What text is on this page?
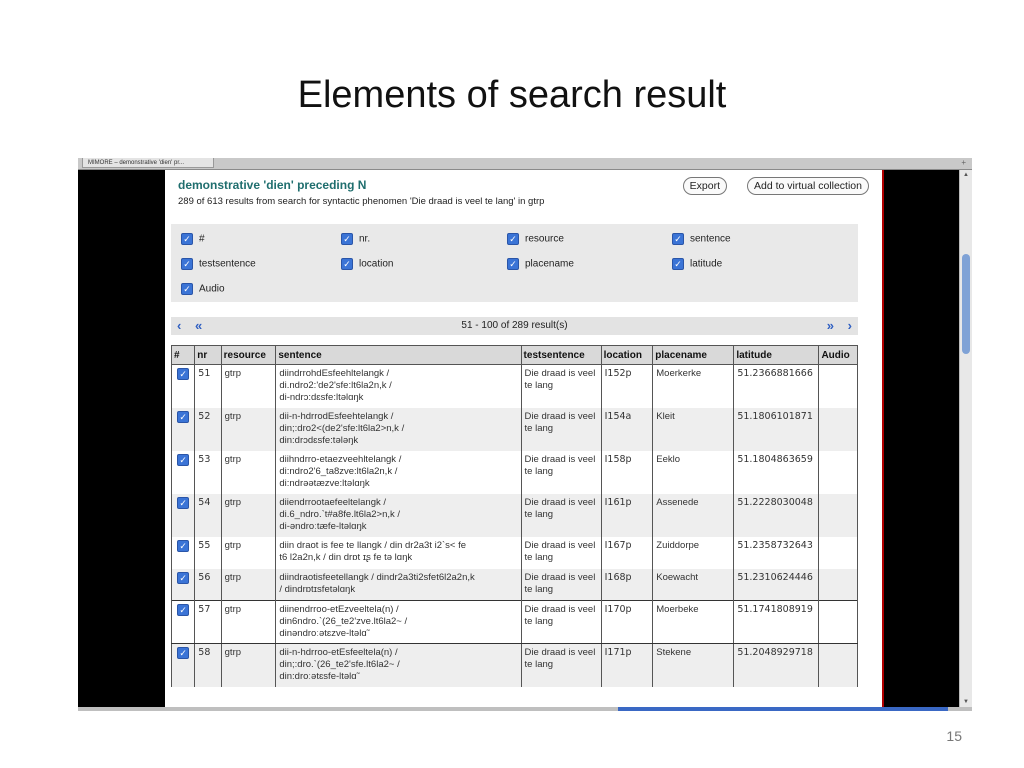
Elements of search result
MIMORE – demonstrative 'dien' pr...	+
demonstrative 'dien' preceding N
289 of 613 results from search for syntactic phenomen 'Die draad is veel te lang' in gtrp
Export	Add to virtual collection
✓ #	✓ nr.	✓ resource	✓ sentence
✓ testsentence	✓ location	✓ placename	✓ latitude
✓ Audio
‹ «	51 - 100 of 289 result(s)	» ›
#	nr	resource	sentence	testsentence	location	placename	latitude	Audio
✓	51	gtrp	diindrrohdEsfeehltelangk /
di.ndro2:'de2'sfe:lt6la2n,k /
di-ndrɔ:dɛsfe:ltəlɑŋk	Die draad is veel te lang	I152p	Moerkerke	51.2366881666	
✓	52	gtrp	dii-n-hdrrodEsfeehtelangk /
din;:dro2<(de2'sfe:lt6la2>n,k /
din:drɔdɛsfe:tələŋk	Die draad is veel te lang	I154a	Kleit	51.1806101871	
✓	53	gtrp	diihndrro-etaezveehltelangk /
di:ndro2'6_ta8zve:lt6la2n,k /
di:ndrəətæzve:ltəlɑŋk	Die draad is veel te lang	I158p	Eeklo	51.1804863659	
✓	54	gtrp	diiendrrootaefeeltelangk /
di.6_ndro.`t#a8fe.lt6la2>n,k /
di-əndroːtæfe-ltəlɑŋk	Die draad is veel te lang	I161p	Assenede	51.2228030048	
✓	55	gtrp	diin draot is fee te llangk / din dr2a3t i2`s< fe
t6 l2a2n,k / din drɒt ɪʂ fe tə lɑŋk	Die draad is veel te lang	I167p	Zuiddorpe	51.2358732643	
✓	56	gtrp	diindraotisfeetellangk / dindr2a3ti2sfet6l2a2n,k
/ dindrɒtɪsfetəlɑŋk	Die draad is veel te lang	I168p	Koewacht	51.2310624446	
✓	57	gtrp	diinendrroo-etEzveeltela(n) /
din6ndro.`(26_te2'zve.lt6la2~ /
dinəndroːətɛzve-ltəlɑ˜	Die draad is veel te lang	I170p	Moerbeke	51.1741808919	
✓	58	gtrp	dii-n-hdrroo-etEsfeeltela(n) /
din;:dro.`(26_te2'sfe.lt6la2~ /
din:droːətɛsfe-ltəlɑ˜	Die draad is veel te lang	I171p	Stekene	51.2048929718	
▲
▼
15
